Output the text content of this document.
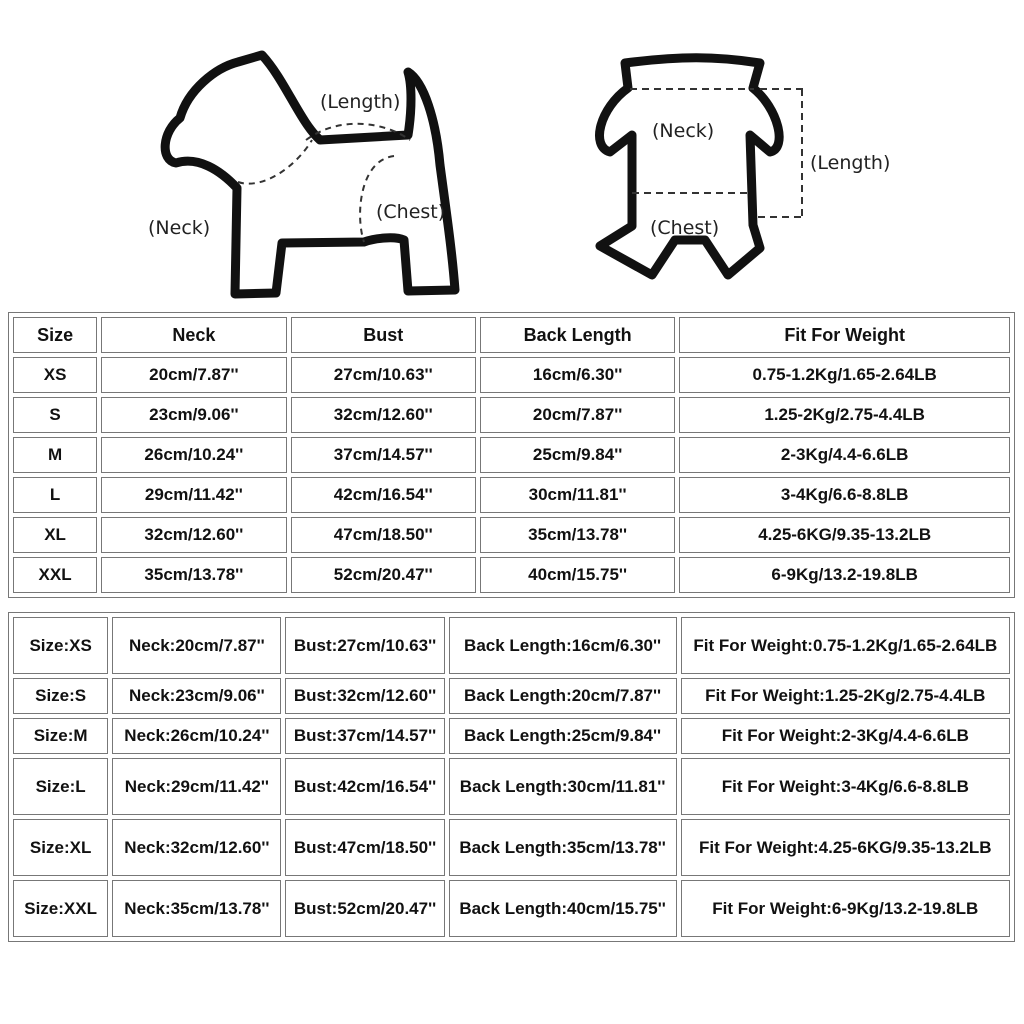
(Length)
(Neck)
(Chest)
(Neck)
(Length)
(Chest)
Size	Neck	Bust	Back Length	Fit For Weight
XS	20cm/7.87''	27cm/10.63''	16cm/6.30''	0.75-1.2Kg/1.65-2.64LB
S	23cm/9.06''	32cm/12.60''	20cm/7.87''	1.25-2Kg/2.75-4.4LB
M	26cm/10.24''	37cm/14.57''	25cm/9.84''	2-3Kg/4.4-6.6LB
L	29cm/11.42''	42cm/16.54''	30cm/11.81''	3-4Kg/6.6-8.8LB
XL	32cm/12.60''	47cm/18.50''	35cm/13.78''	4.25-6KG/9.35-13.2LB
XXL	35cm/13.78''	52cm/20.47''	40cm/15.75''	6-9Kg/13.2-19.8LB
Size:XS	Neck:20cm/7.87''	Bust:27cm/10.63''	Back Length:16cm/6.30''	Fit For Weight:0.75-1.2Kg/1.65-2.64LB
Size:S	Neck:23cm/9.06''	Bust:32cm/12.60''	Back Length:20cm/7.87''	Fit For Weight:1.25-2Kg/2.75-4.4LB
Size:M	Neck:26cm/10.24''	Bust:37cm/14.57''	Back Length:25cm/9.84''	Fit For Weight:2-3Kg/4.4-6.6LB
Size:L	Neck:29cm/11.42''	Bust:42cm/16.54''	Back Length:30cm/11.81''	Fit For Weight:3-4Kg/6.6-8.8LB
Size:XL	Neck:32cm/12.60''	Bust:47cm/18.50''	Back Length:35cm/13.78''	Fit For Weight:4.25-6KG/9.35-13.2LB
Size:XXL	Neck:35cm/13.78''	Bust:52cm/20.47''	Back Length:40cm/15.75''	Fit For Weight:6-9Kg/13.2-19.8LB
